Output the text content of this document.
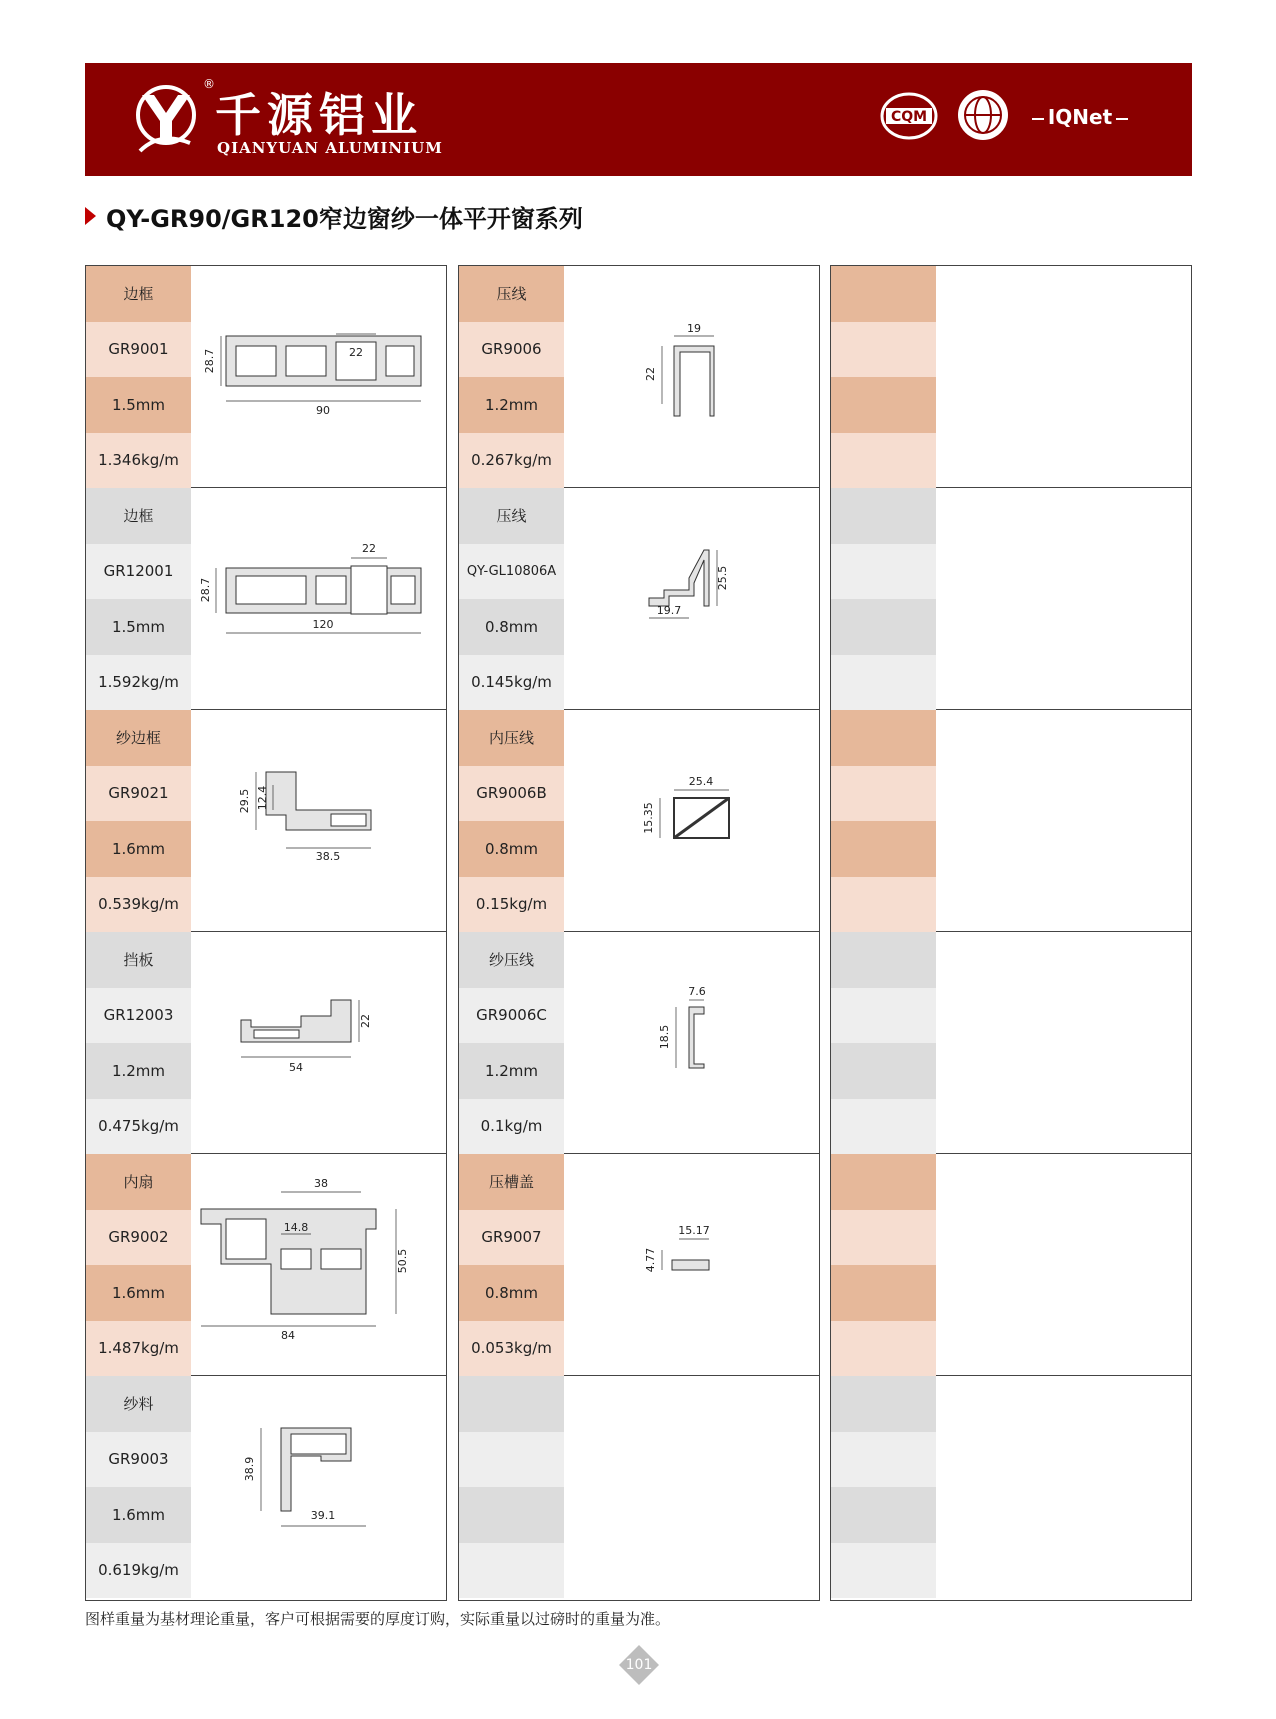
®
千源铝业
QIANYUAN ALUMINIUM
CQM	IQNet
QY-GR90/GR120窄边窗纱一体平开窗系列
边框
GR9001
1.5mm
1.346kg/m
28.7	22
90
边框
GR12001
1.5mm
1.592kg/m
28.7
22
120
纱边框
GR9021
1.6mm
0.539kg/m
29.5 12.4
38.5
挡板
GR12003
1.2mm
0.475kg/m
22
54
内扇
GR9002
1.6mm
1.487kg/m
38
14.8
50.5
84
纱料
GR9003
1.6mm
0.619kg/m
38.9
39.1
压线
GR9006
1.2mm
0.267kg/m
19
22
压线
QY-GL10806A
0.8mm
0.145kg/m
25.5
19.7
内压线
GR9006B
0.8mm
0.15kg/m
25.4
15.35
纱压线
GR9006C
1.2mm
0.1kg/m
7.6
18.5
压槽盖
GR9007
0.8mm
0.053kg/m
4.77
15.17
图样重量为基材理论重量，客户可根据需要的厚度订购，实际重量以过磅时的重量为准。
101
